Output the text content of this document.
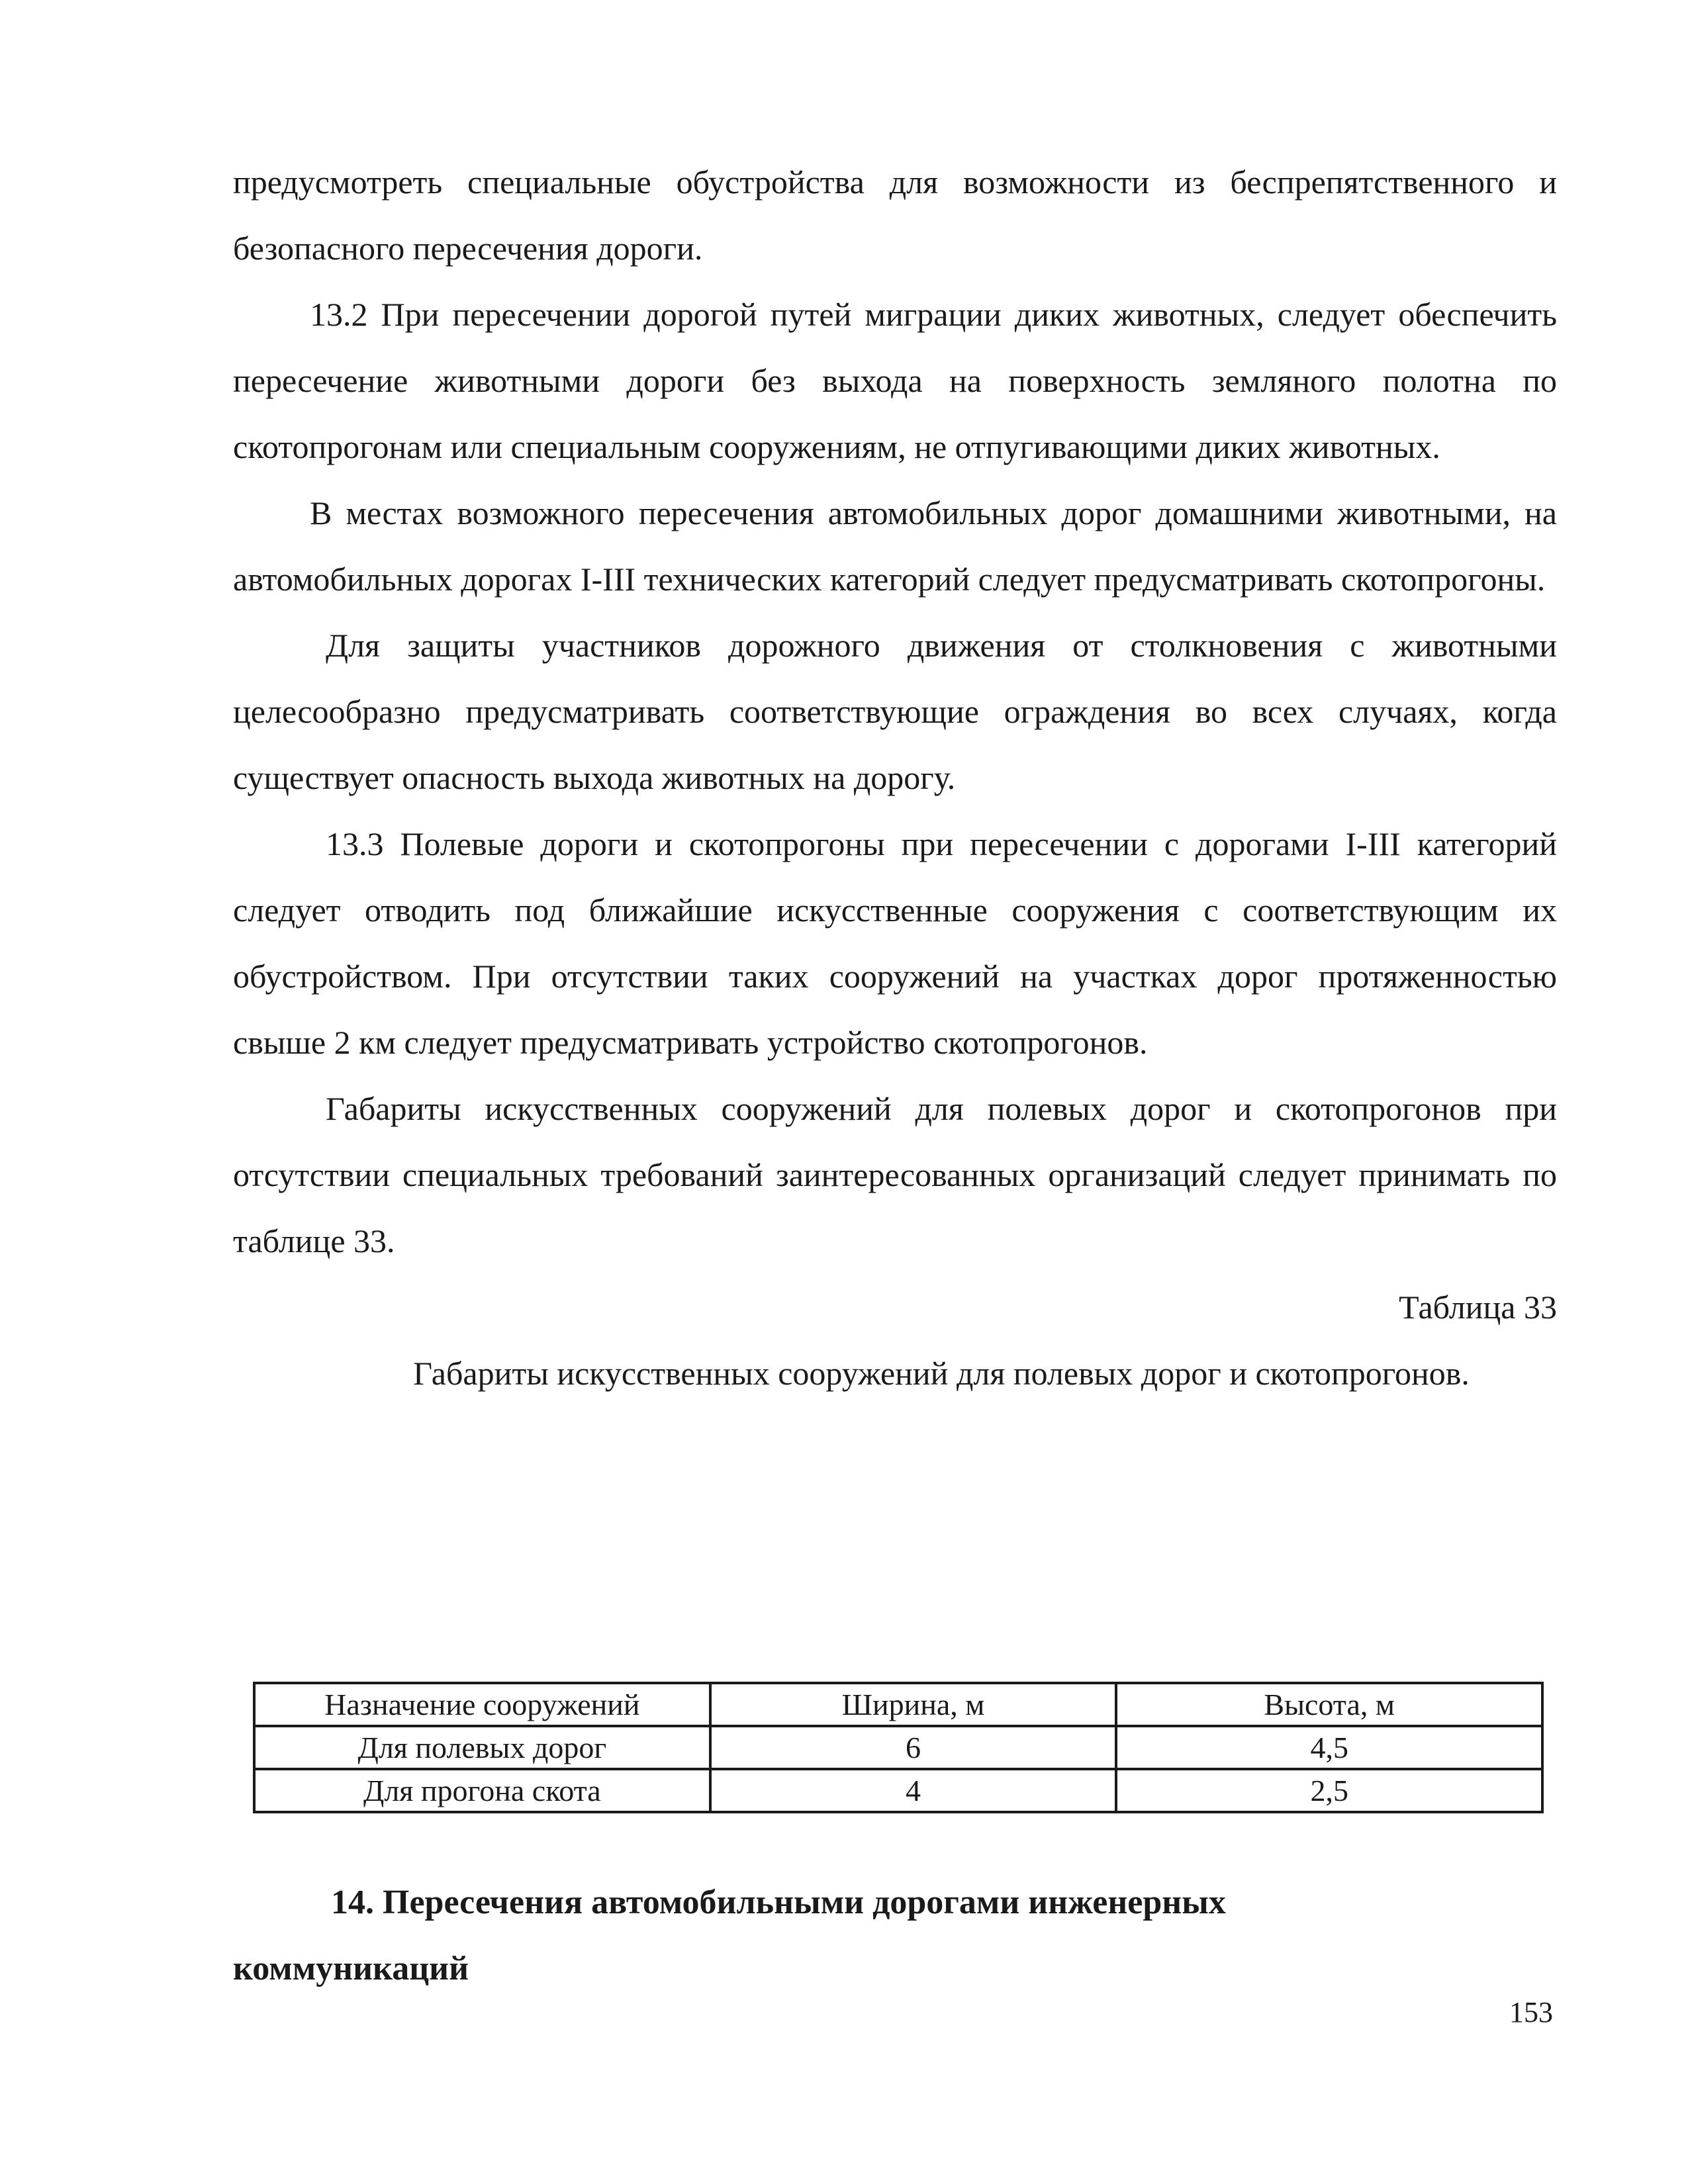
предусмотреть специальные обустройства для возможности из беспрепятственного и безопасного пересечения дороги.

13.2 При пересечении дорогой путей миграции диких животных, следует обеспечить пересечение животными дороги без выхода на поверхность земляного полотна по скотопрогонам или специальным сооружениям, не отпугивающими диких животных.

В местах возможного пересечения автомобильных дорог домашними животными, на автомобильных дорогах I-III технических категорий следует предусматривать скотопрогоны.

Для защиты участников дорожного движения от столкновения с животными целесообразно предусматривать соответствующие ограждения во всех случаях, когда существует опасность выхода животных на дорогу.

13.3 Полевые дороги и скотопрогоны при пересечении с дорогами I-III категорий следует отводить под ближайшие искусственные сооружения с соответствующим их обустройством. При отсутствии таких сооружений на участках дорог протяженностью свыше 2 км следует предусматривать устройство скотопрогонов.

Габариты искусственных сооружений для полевых дорог и скотопрогонов при отсутствии специальных требований заинтересованных организаций следует принимать по таблице 33.

Таблица 33

Габариты искусственных сооружений для полевых дорог и скотопрогонов.

Назначение сооружений	Ширина, м	Высота, м
Для полевых дорог	6	4,5
Для прогона скота	4	2,5
14. Пересечения автомобильными дорогами инженерных
коммуникаций

153
